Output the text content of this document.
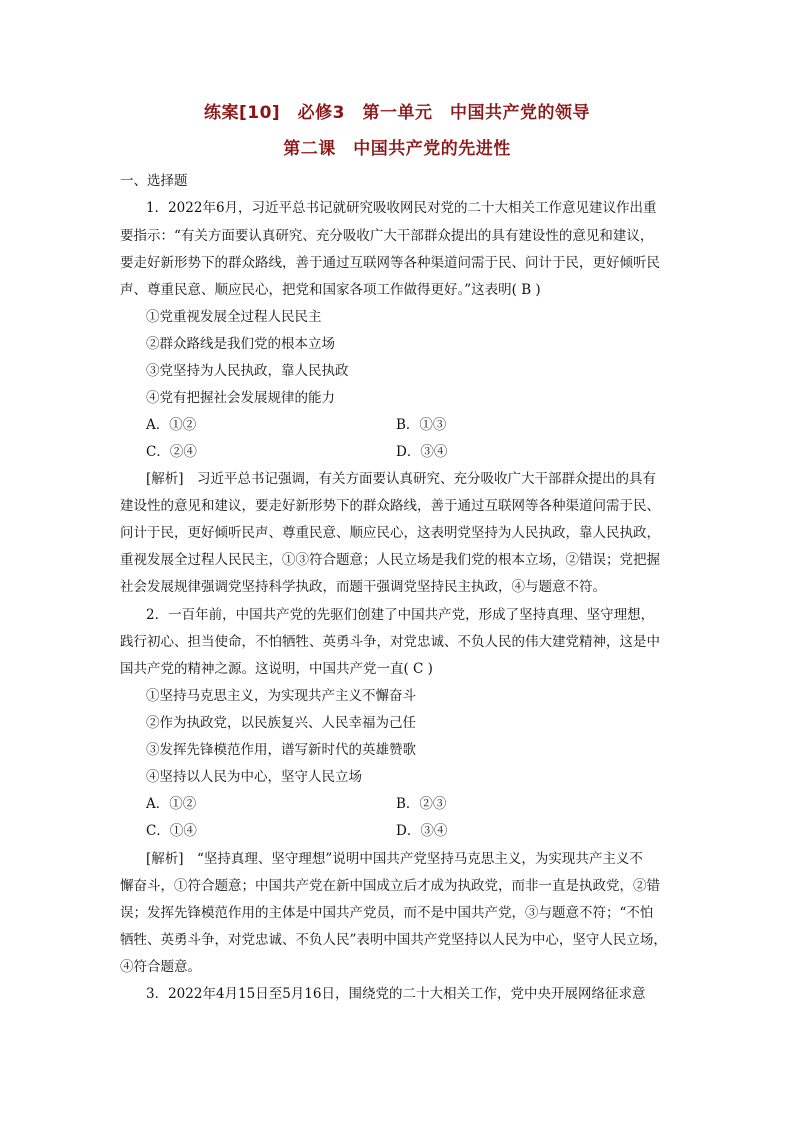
练案[10]　必修3　第一单元　中国共产党的领导
第二课　中国共产党的先进性
一、选择题
1．2022年6月，习近平总书记就研究吸收网民对党的二十大相关工作意见建议作出重
要指示：“有关方面要认真研究、充分吸收广大干部群众提出的具有建设性的意见和建议，
要走好新形势下的群众路线，善于通过互联网等各种渠道问需于民、问计于民，更好倾听民
声、尊重民意、顺应民心，把党和国家各项工作做得更好。”这表明( B )
①党重视发展全过程人民民主
②群众路线是我们党的根本立场
③党坚持为人民执政，靠人民执政
④党有把握社会发展规律的能力
A．①②	B．①③
C．②④	D．③④
[解析]　习近平总书记强调，有关方面要认真研究、充分吸收广大干部群众提出的具有
建设性的意见和建议，要走好新形势下的群众路线，善于通过互联网等各种渠道问需于民、
问计于民，更好倾听民声、尊重民意、顺应民心，这表明党坚持为人民执政，靠人民执政，
重视发展全过程人民民主，①③符合题意；人民立场是我们党的根本立场，②错误；党把握
社会发展规律强调党坚持科学执政，而题干强调党坚持民主执政，④与题意不符。
2．一百年前，中国共产党的先驱们创建了中国共产党，形成了坚持真理、坚守理想，
践行初心、担当使命，不怕牺牲、英勇斗争，对党忠诚、不负人民的伟大建党精神，这是中
国共产党的精神之源。这说明，中国共产党一直( C )
①坚持马克思主义，为实现共产主义不懈奋斗
②作为执政党，以民族复兴、人民幸福为己任
③发挥先锋模范作用，谱写新时代的英雄赞歌
④坚持以人民为中心，坚守人民立场
A．①②	B．②③
C．①④	D．③④
[解析]　“坚持真理、坚守理想”说明中国共产党坚持马克思主义，为实现共产主义不
懈奋斗，①符合题意；中国共产党在新中国成立后才成为执政党，而非一直是执政党，②错
误；发挥先锋模范作用的主体是中国共产党员，而不是中国共产党，③与题意不符；“不怕
牺牲、英勇斗争，对党忠诚、不负人民”表明中国共产党坚持以人民为中心，坚守人民立场，
④符合题意。
3．2022年4月15日至5月16日，围绕党的二十大相关工作，党中央开展网络征求意
